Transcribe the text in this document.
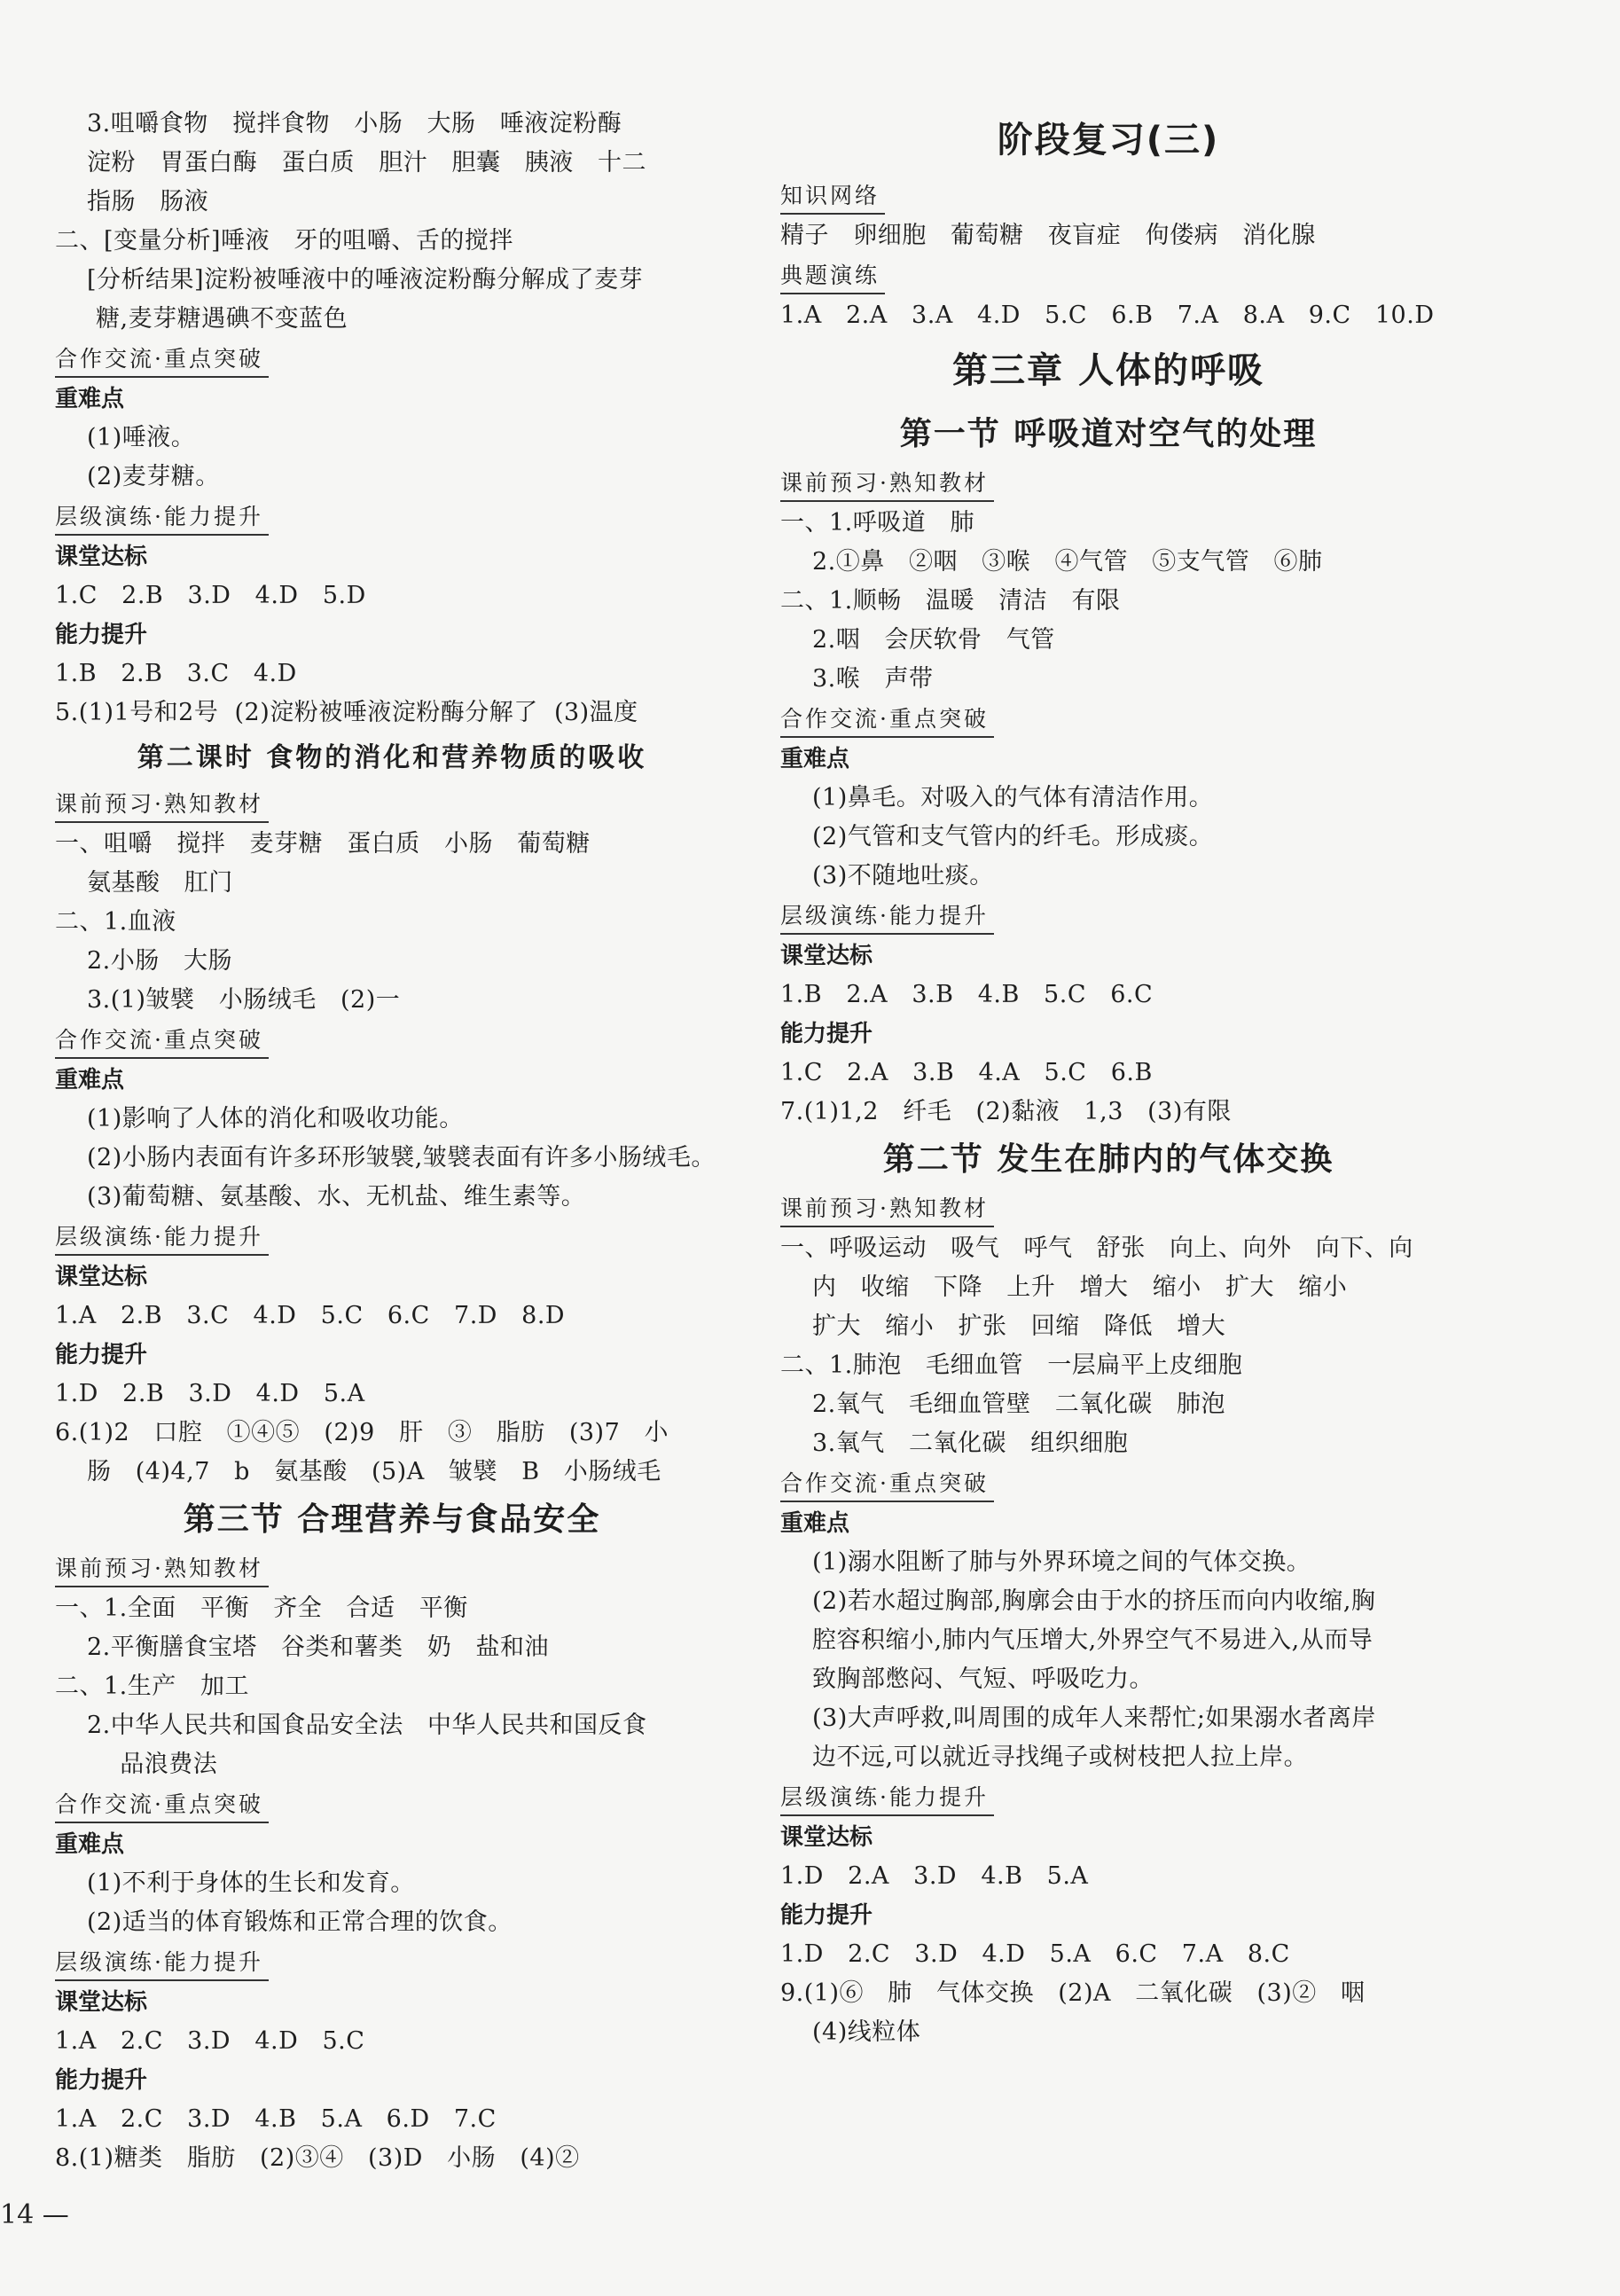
3.咀嚼食物   搅拌食物   小肠   大肠   唾液淀粉酶
淀粉   胃蛋白酶   蛋白质   胆汁   胆囊   胰液   十二
指肠   肠液
二、[变量分析]唾液   牙的咀嚼、舌的搅拌
[分析结果]淀粉被唾液中的唾液淀粉酶分解成了麦芽
糖,麦芽糖遇碘不变蓝色
合作交流·重点突破
重难点
(1)唾液。
(2)麦芽糖。
层级演练·能力提升
课堂达标
1.C   2.B   3.D   4.D   5.D
能力提升
1.B   2.B   3.C   4.D
5.(1)1号和2号  (2)淀粉被唾液淀粉酶分解了  (3)温度
第二课时 食物的消化和营养物质的吸收
课前预习·熟知教材
一、咀嚼   搅拌   麦芽糖   蛋白质   小肠   葡萄糖
氨基酸   肛门
二、1.血液
2.小肠   大肠
3.(1)皱襞   小肠绒毛   (2)一
合作交流·重点突破
重难点
(1)影响了人体的消化和吸收功能。
(2)小肠内表面有许多环形皱襞,皱襞表面有许多小肠绒毛。
(3)葡萄糖、氨基酸、水、无机盐、维生素等。
层级演练·能力提升
课堂达标
1.A   2.B   3.C   4.D   5.C   6.C   7.D   8.D
能力提升
1.D   2.B   3.D   4.D   5.A
6.(1)2   口腔   ①④⑤   (2)9   肝   ③   脂肪   (3)7   小
肠   (4)4,7   b   氨基酸   (5)A   皱襞   B   小肠绒毛
第三节 合理营养与食品安全
课前预习·熟知教材
一、1.全面   平衡   齐全   合适   平衡
2.平衡膳食宝塔   谷类和薯类   奶   盐和油
二、1.生产   加工
2.中华人民共和国食品安全法   中华人民共和国反食
品浪费法
合作交流·重点突破
重难点
(1)不利于身体的生长和发育。
(2)适当的体育锻炼和正常合理的饮食。
层级演练·能力提升
课堂达标
1.A   2.C   3.D   4.D   5.C
能力提升
1.A   2.C   3.D   4.B   5.A   6.D   7.C
8.(1)糖类   脂肪   (2)③④   (3)D   小肠   (4)②
阶段复习(三)
知识网络
精子   卵细胞   葡萄糖   夜盲症   佝偻病   消化腺
典题演练
1.A   2.A   3.A   4.D   5.C   6.B   7.A   8.A   9.C   10.D
第三章 人体的呼吸
第一节 呼吸道对空气的处理
课前预习·熟知教材
一、1.呼吸道   肺
2.①鼻   ②咽   ③喉   ④气管   ⑤支气管   ⑥肺
二、1.顺畅   温暖   清洁   有限
2.咽   会厌软骨   气管
3.喉   声带
合作交流·重点突破
重难点
(1)鼻毛。对吸入的气体有清洁作用。
(2)气管和支气管内的纤毛。形成痰。
(3)不随地吐痰。
层级演练·能力提升
课堂达标
1.B   2.A   3.B   4.B   5.C   6.C
能力提升
1.C   2.A   3.B   4.A   5.C   6.B
7.(1)1,2   纤毛   (2)黏液   1,3   (3)有限
第二节 发生在肺内的气体交换
课前预习·熟知教材
一、呼吸运动   吸气   呼气   舒张   向上、向外   向下、向
内   收缩   下降   上升   增大   缩小   扩大   缩小
扩大   缩小   扩张   回缩   降低   增大
二、1.肺泡   毛细血管   一层扁平上皮细胞
2.氧气   毛细血管壁   二氧化碳   肺泡
3.氧气   二氧化碳   组织细胞
合作交流·重点突破
重难点
(1)溺水阻断了肺与外界环境之间的气体交换。
(2)若水超过胸部,胸廓会由于水的挤压而向内收缩,胸
腔容积缩小,肺内气压增大,外界空气不易进入,从而导
致胸部憋闷、气短、呼吸吃力。
(3)大声呼救,叫周围的成年人来帮忙;如果溺水者离岸
边不远,可以就近寻找绳子或树枝把人拉上岸。
层级演练·能力提升
课堂达标
1.D   2.A   3.D   4.B   5.A
能力提升
1.D   2.C   3.D   4.D   5.A   6.C   7.A   8.C
9.(1)⑥   肺   气体交换   (2)A   二氧化碳   (3)②   咽
(4)线粒体
14 —
